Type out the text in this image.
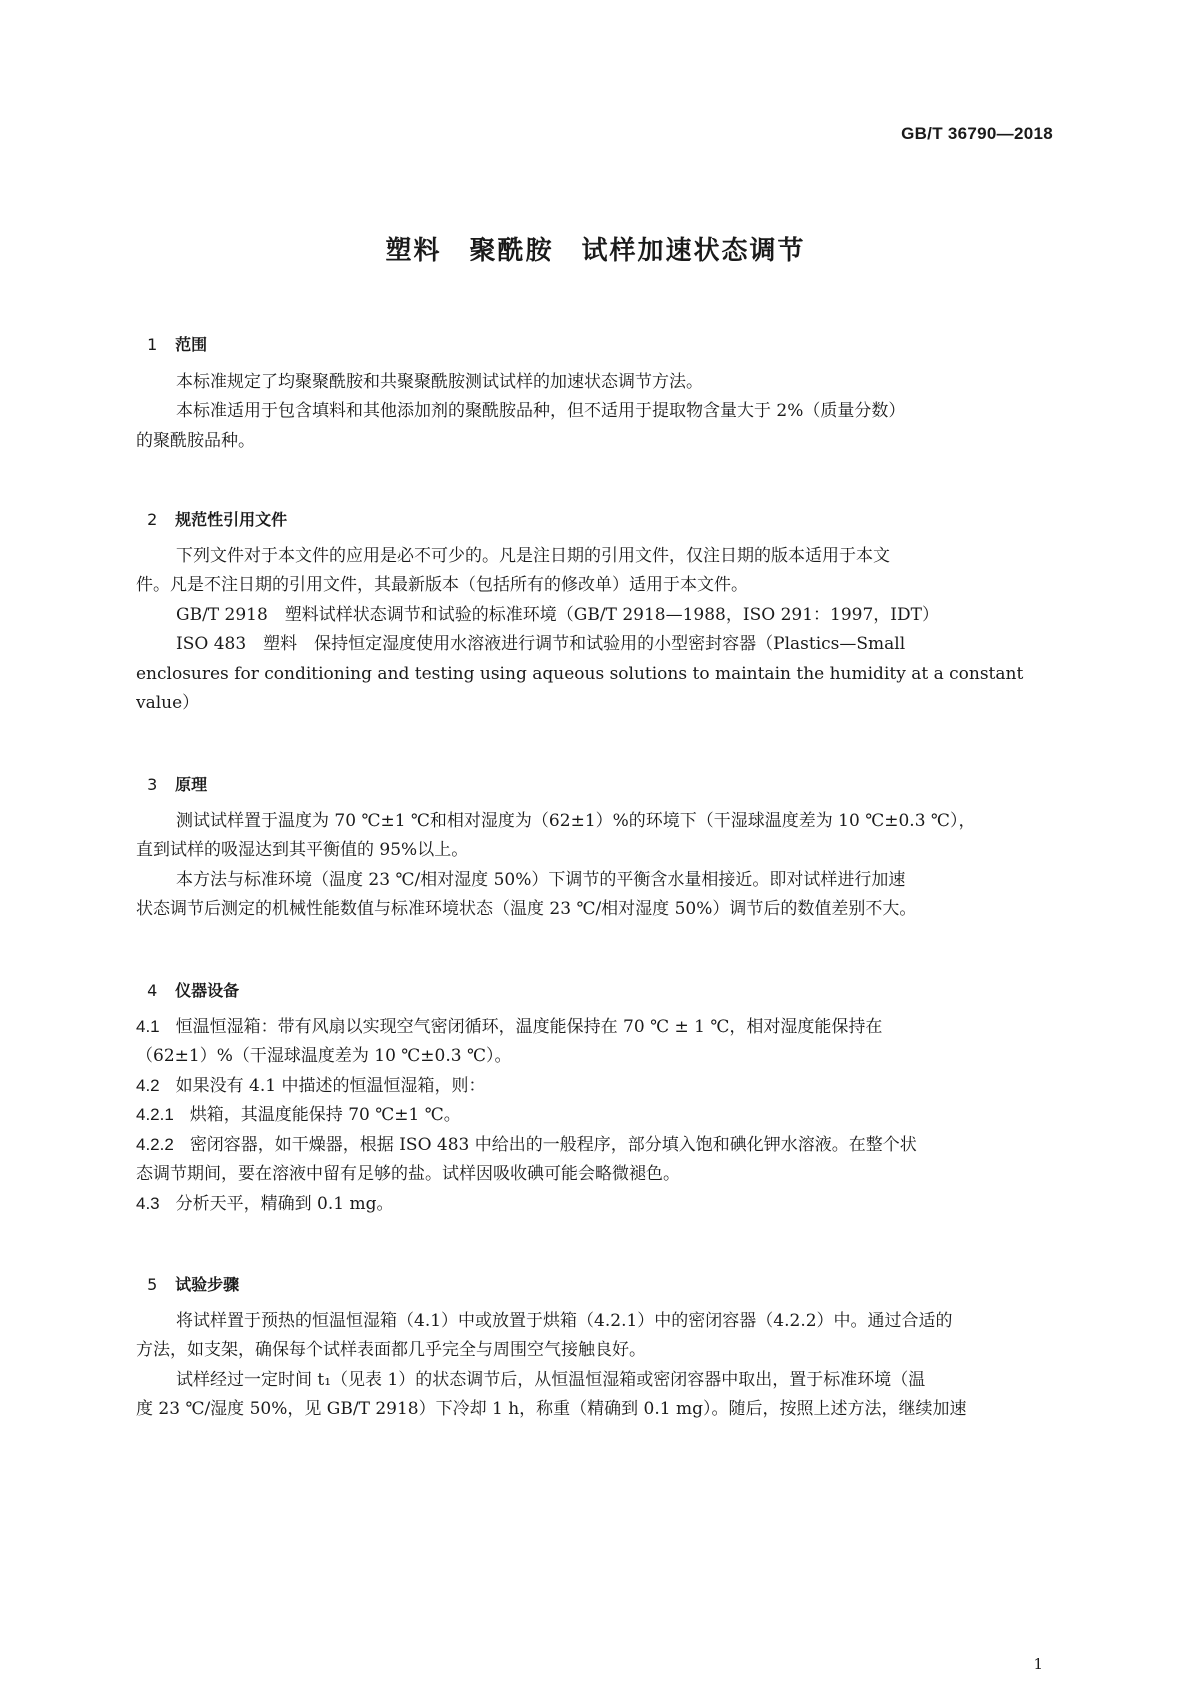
GB/T 36790—2018
塑料　聚酰胺　试样加速状态调节

1 范围

本标准规定了均聚聚酰胺和共聚聚酰胺测试试样的加速状态调节方法。
本标准适用于包含填料和其他添加剂的聚酰胺品种，但不适用于提取物含量大于 2%（质量分数）
的聚酰胺品种。

2 规范性引用文件

下列文件对于本文件的应用是必不可少的。凡是注日期的引用文件，仅注日期的版本适用于本文
件。凡是不注日期的引用文件，其最新版本（包括所有的修改单）适用于本文件。
GB/T 2918　塑料试样状态调节和试验的标准环境（GB/T 2918—1988，ISO 291：1997，IDT）
ISO 483　塑料　保持恒定湿度使用水溶液进行调节和试验用的小型密封容器（Plastics—Small
enclosures for conditioning and testing using aqueous solutions to maintain the humidity at a constant
value）

3 原理

测试试样置于温度为 70 ℃±1 ℃和相对湿度为（62±1）%的环境下（干湿球温度差为 10 ℃±0.3 ℃），
直到试样的吸湿达到其平衡值的 95%以上。
本方法与标准环境（温度 23 ℃/相对湿度 50%）下调节的平衡含水量相接近。即对试样进行加速
状态调节后测定的机械性能数值与标准环境状态（温度 23 ℃/相对湿度 50%）调节后的数值差别不大。

4 仪器设备

4.1 恒温恒湿箱：带有风扇以实现空气密闭循环，温度能保持在 70 ℃ ± 1 ℃，相对湿度能保持在
（62±1）%（干湿球温度差为 10 ℃±0.3 ℃）。
4.2 如果没有 4.1 中描述的恒温恒湿箱，则：
4.2.1 烘箱，其温度能保持 70 ℃±1 ℃。
4.2.2 密闭容器，如干燥器，根据 ISO 483 中给出的一般程序，部分填入饱和碘化钾水溶液。在整个状
态调节期间，要在溶液中留有足够的盐。试样因吸收碘可能会略微褪色。
4.3 分析天平，精确到 0.1 mg。

5 试验步骤

将试样置于预热的恒温恒湿箱（4.1）中或放置于烘箱（4.2.1）中的密闭容器（4.2.2）中。通过合适的
方法，如支架，确保每个试样表面都几乎完全与周围空气接触良好。
试样经过一定时间 t₁（见表 1）的状态调节后，从恒温恒湿箱或密闭容器中取出，置于标准环境（温
度 23 ℃/湿度 50%，见 GB/T 2918）下冷却 1 h，称重（精确到 0.1 mg）。随后，按照上述方法，继续加速
1
